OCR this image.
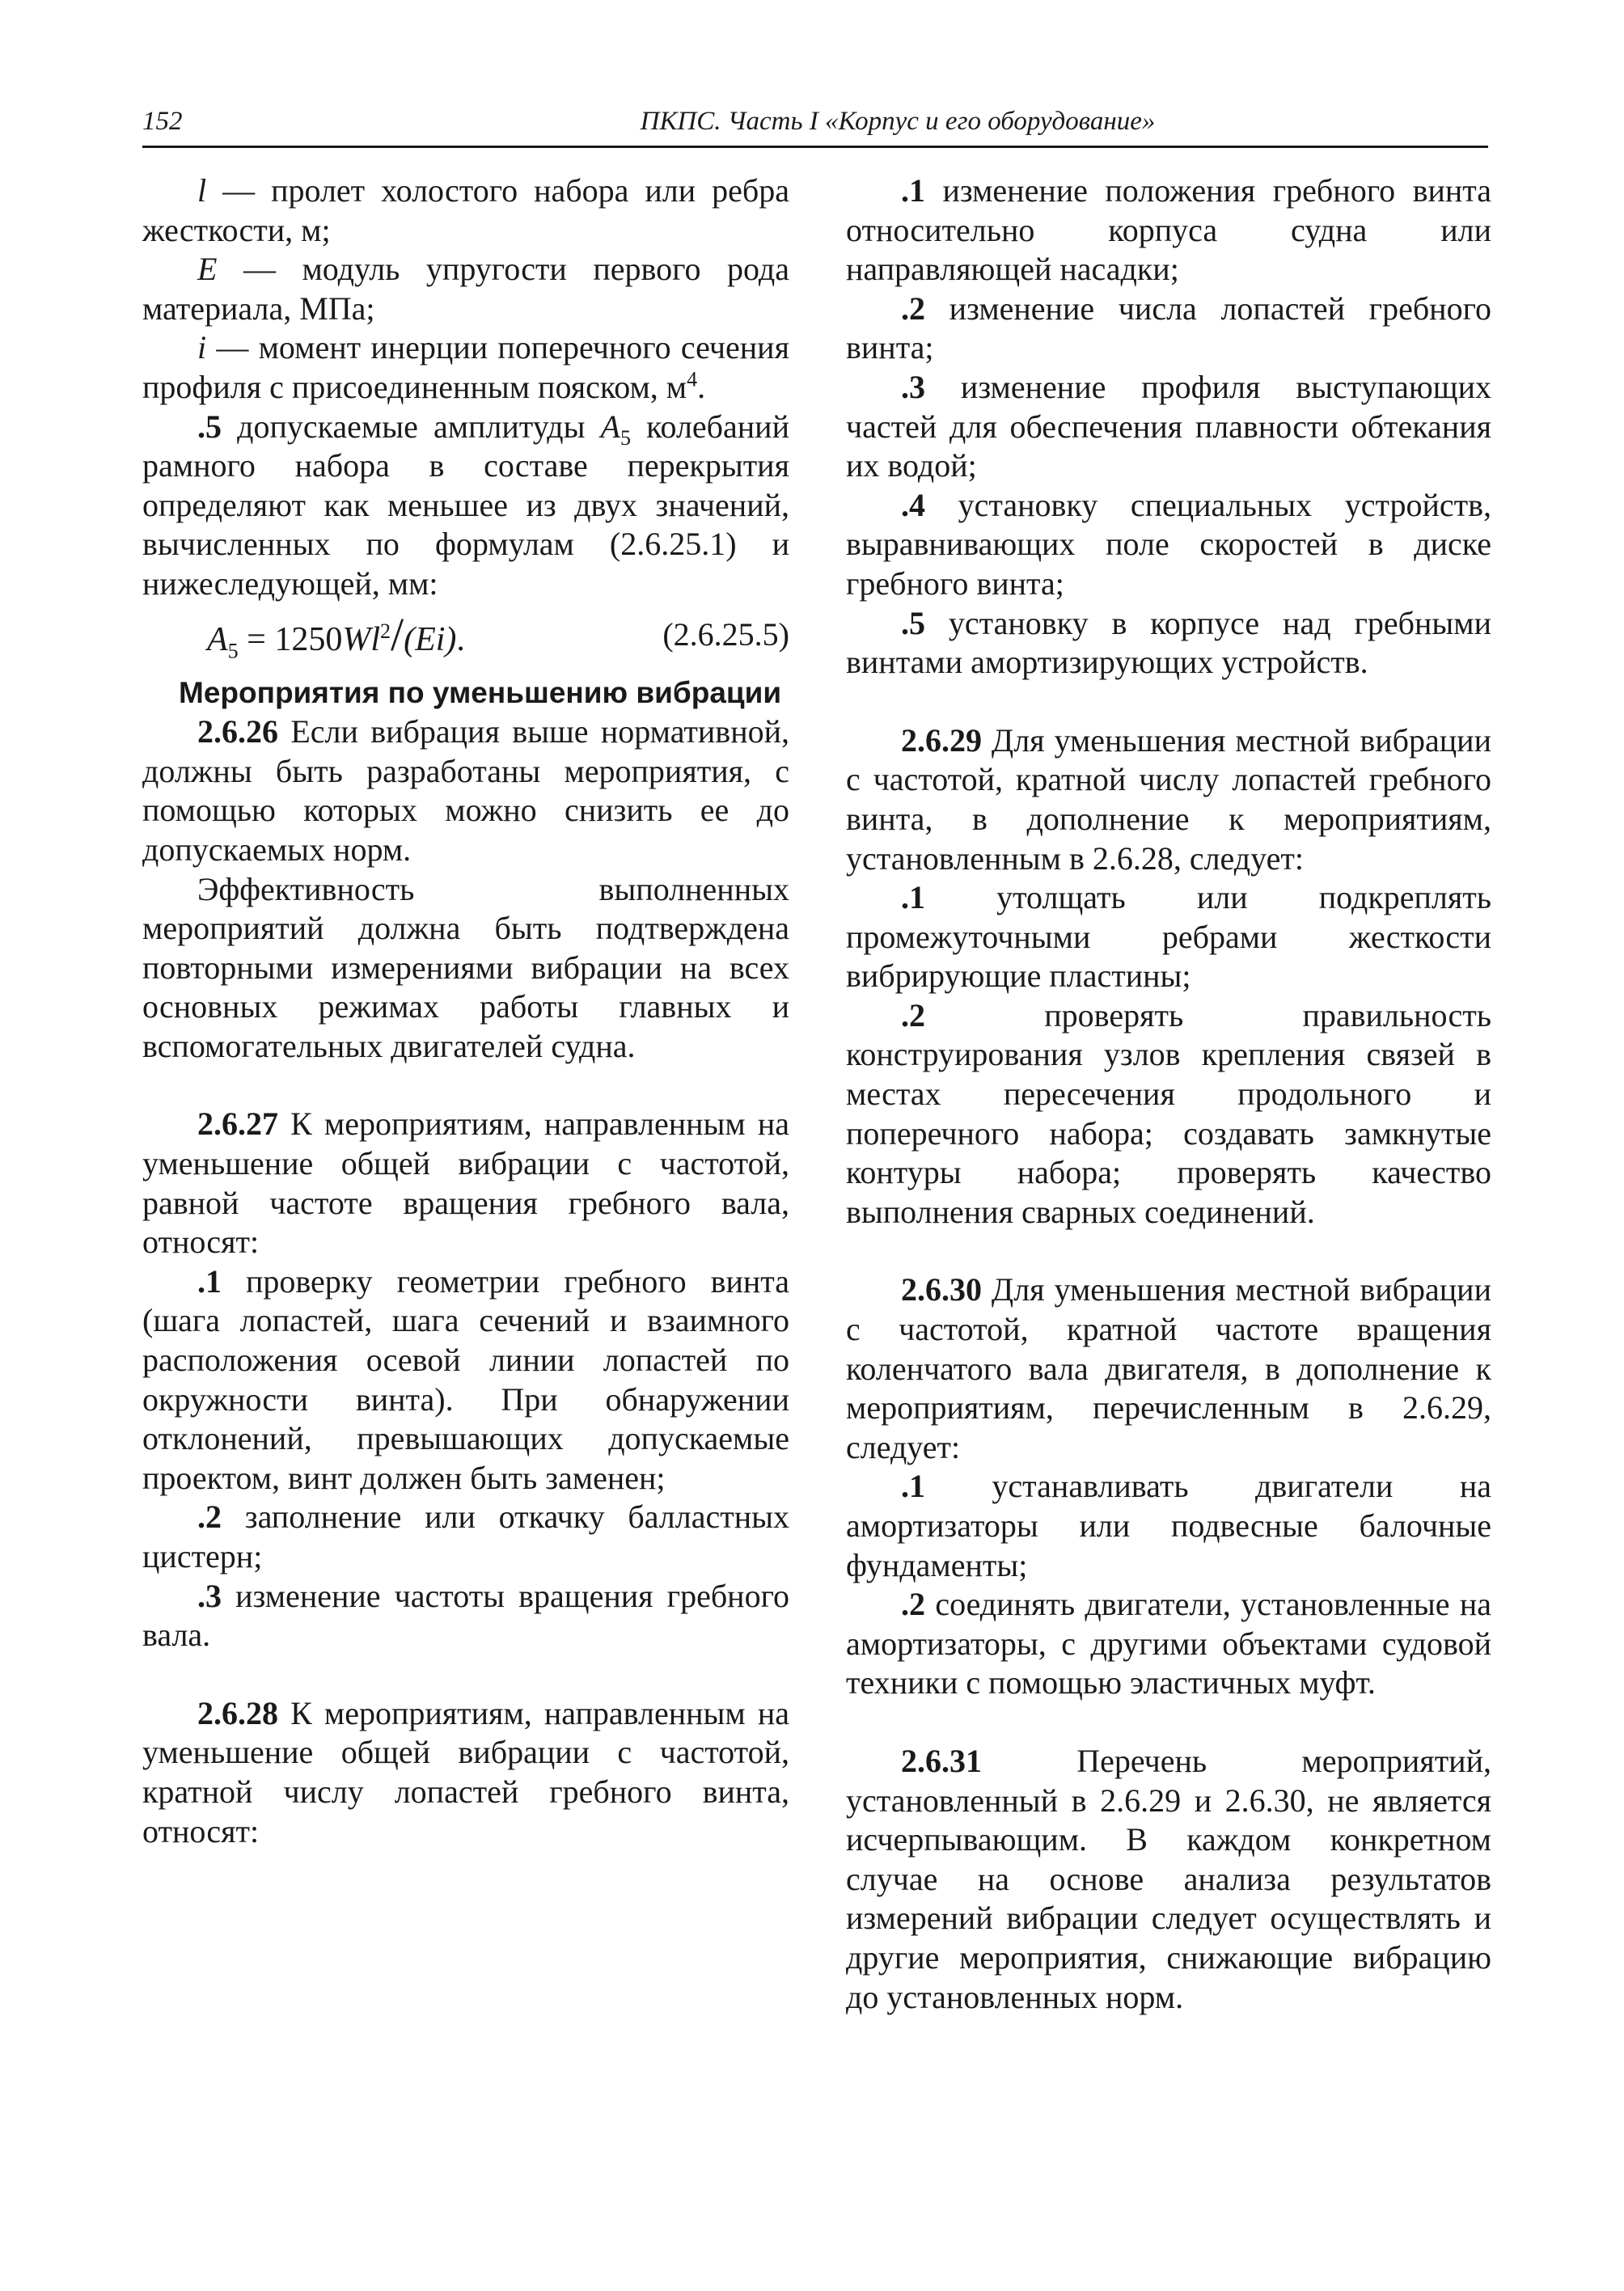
152	ПКПС. Часть I «Корпус и его оборудование»

l — пролет холостого набора или ребра жесткости, м;

E — модуль упругости первого рода материала, МПа;

i — момент инерции поперечного сечения профиля с присоединенным пояском, $м^4$.

.5 допускаемые амплитуды $A_5$ колебаний рамного набора в составе перекрытия определяют как меньшее из двух значений, вычисленных по формулам (2.6.25.1) и нижеследующей, мм:

$A_5 = 1250Wl^2/(Ei)$.	(2.6.25.5)

Мероприятия по уменьшению вибрации

2.6.26 Если вибрация выше нормативной, должны быть разработаны мероприятия, с помощью которых можно снизить ее до допускаемых норм.

Эффективность выполненных мероприятий должна быть подтверждена повторными измерениями вибрации на всех основных режимах работы главных и вспомогательных двигателей судна.

2.6.27 К мероприятиям, направленным на уменьшение общей вибрации с частотой, равной частоте вращения гребного вала, относят:

.1 проверку геометрии гребного винта (шага лопастей, шага сечений и взаимного расположения осевой линии лопастей по окружности винта). При обнаружении отклонений, превышающих допускаемые проектом, винт должен быть заменен;

.2 заполнение или откачку балластных цистерн;

.3 изменение частоты вращения гребного вала.

2.6.28 К мероприятиям, направленным на уменьшение общей вибрации с частотой, кратной числу лопастей гребного винта, относят:

.1 изменение положения гребного винта относительно корпуса судна или направляющей насадки;

.2 изменение числа лопастей гребного винта;

.3 изменение профиля выступающих частей для обеспечения плавности обтекания их водой;

.4 установку специальных устройств, выравнивающих поле скоростей в диске гребного винта;

.5 установку в корпусе над гребными винтами амортизирующих устройств.

2.6.29 Для уменьшения местной вибрации с частотой, кратной числу лопастей гребного винта, в дополнение к мероприятиям, установленным в 2.6.28, следует:

.1 утолщать или подкреплять промежуточными ребрами жесткости вибрирующие пластины;

.2 проверять правильность конструирования узлов крепления связей в местах пересечения продольного и поперечного набора; создавать замкнутые контуры набора; проверять качество выполнения сварных соединений.

2.6.30 Для уменьшения местной вибрации с частотой, кратной частоте вращения коленчатого вала двигателя, в дополнение к мероприятиям, перечисленным в 2.6.29, следует:

.1 устанавливать двигатели на амортизаторы или подвесные балочные фундаменты;

.2 соединять двигатели, установленные на амортизаторы, с другими объектами судовой техники с помощью эластичных муфт.

2.6.31 Перечень мероприятий, установленный в 2.6.29 и 2.6.30, не является исчерпывающим. В каждом конкретном случае на основе анализа результатов измерений вибрации следует осуществлять и другие мероприятия, снижающие вибрацию до установленных норм.
